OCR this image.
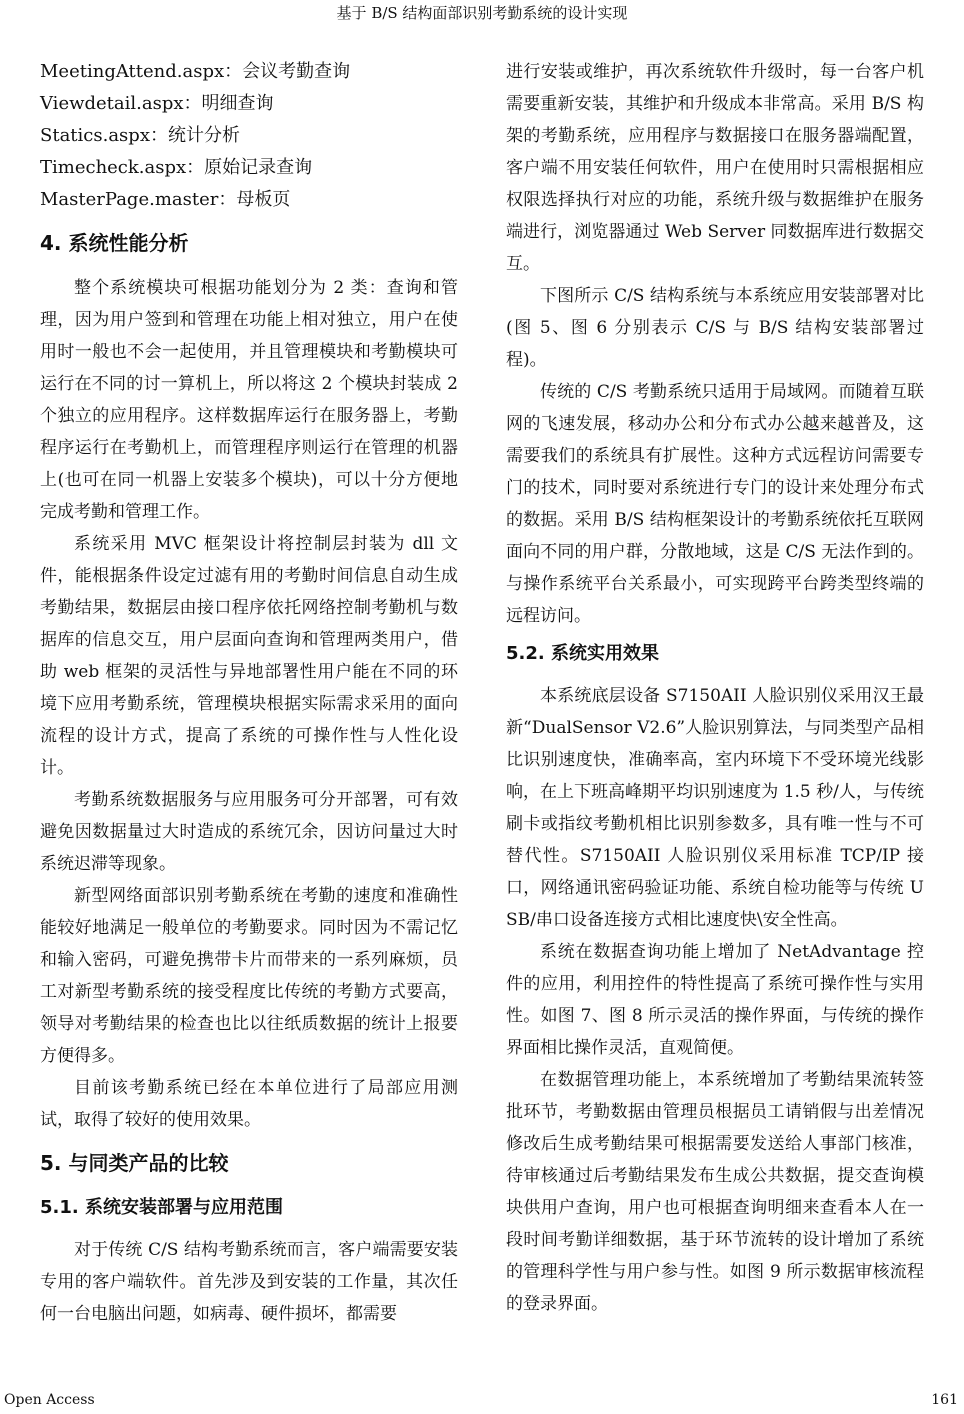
基于 B/S 结构面部识别考勤系统的设计实现
MeetingAttend.aspx：会议考勤查询
Viewdetail.aspx：明细查询
Statics.aspx：统计分析
Timecheck.aspx：原始记录查询
MasterPage.master：母板页
4. 系统性能分析

整个系统模块可根据功能划分为 2 类：查询和管理，因为用户签到和管理在功能上相对独立，用户在使用时一般也不会一起使用，并且管理模块和考勤模块可运行在不同的讨一算机上，所以将这 2 个模块封装成 2 个独立的应用程序。这样数据库运行在服务器上，考勤程序运行在考勤机上，而管理程序则运行在管理的机器上(也可在同一机器上安装多个模块)，可以十分方便地完成考勤和管理工作。

系统采用 MVC 框架设计将控制层封装为 dll 文件，能根据条件设定过滤有用的考勤时间信息自动生成考勤结果，数据层由接口程序依托网络控制考勤机与数据库的信息交互，用户层面向查询和管理两类用户，借助 web 框架的灵活性与异地部署性用户能在不同的环境下应用考勤系统，管理模块根据实际需求采用的面向流程的设计方式，提高了系统的可操作性与人性化设计。

考勤系统数据服务与应用服务可分开部署，可有效避免因数据量过大时造成的系统冗余，因访问量过大时系统迟滞等现象。

新型网络面部识别考勤系统在考勤的速度和准确性能较好地满足一般单位的考勤要求。同时因为不需记忆和输入密码，可避免携带卡片而带来的一系列麻烦，员工对新型考勤系统的接受程度比传统的考勤方式要高，领导对考勤结果的检查也比以往纸质数据的统计上报要方便得多。

目前该考勤系统已经在本单位进行了局部应用测试，取得了较好的使用效果。

5. 与同类产品的比较
5.1. 系统安装部署与应用范围

对于传统 C/S 结构考勤系统而言，客户端需要安装专用的客户端软件。首先涉及到安装的工作量，其次任何一台电脑出问题，如病毒、硬件损坏，都需要

进行安装或维护，再次系统软件升级时，每一台客户机需要重新安装，其维护和升级成本非常高。采用 B/S 构架的考勤系统，应用程序与数据接口在服务器端配置，客户端不用安装任何软件，用户在使用时只需根据相应权限选择执行对应的功能，系统升级与数据维护在服务端进行，浏览器通过 Web Server 同数据库进行数据交互。

下图所示 C/S 结构系统与本系统应用安装部署对比(图 5、图 6 分别表示 C/S 与 B/S 结构安装部署过程)。

传统的 C/S 考勤系统只适用于局域网。而随着互联网的飞速发展，移动办公和分布式办公越来越普及，这需要我们的系统具有扩展性。这种方式远程访问需要专门的技术，同时要对系统进行专门的设计来处理分布式的数据。采用 B/S 结构框架设计的考勤系统依托互联网面向不同的用户群，分散地域，这是 C/S 无法作到的。与操作系统平台关系最小，可实现跨平台跨类型终端的远程访问。

5.2. 系统实用效果

本系统底层设备 S7150AII 人脸识别仪采用汉王最新“DualSensor V2.6”人脸识别算法，与同类型产品相比识别速度快，准确率高，室内环境下不受环境光线影响，在上下班高峰期平均识别速度为 1.5 秒/人，与传统刷卡或指纹考勤机相比识别参数多，具有唯一性与不可替代性。S7150AII 人脸识别仪采用标准 TCP/IP 接口，网络通讯密码验证功能、系统自检功能等与传统 USB/串口设备连接方式相比速度快\安全性高。

系统在数据查询功能上增加了 NetAdvantage 控件的应用，利用控件的特性提高了系统可操作性与实用性。如图 7、图 8 所示灵活的操作界面，与传统的操作界面相比操作灵活，直观简便。

在数据管理功能上，本系统增加了考勤结果流转签批环节，考勤数据由管理员根据员工请销假与出差情况修改后生成考勤结果可根据需要发送给人事部门核准，待审核通过后考勤结果发布生成公共数据，提交查询模块供用户查询，用户也可根据查询明细来查看本人在一段时间考勤详细数据，基于环节流转的设计增加了系统的管理科学性与用户参与性。如图 9 所示数据审核流程的登录界面。

Open Access	161
